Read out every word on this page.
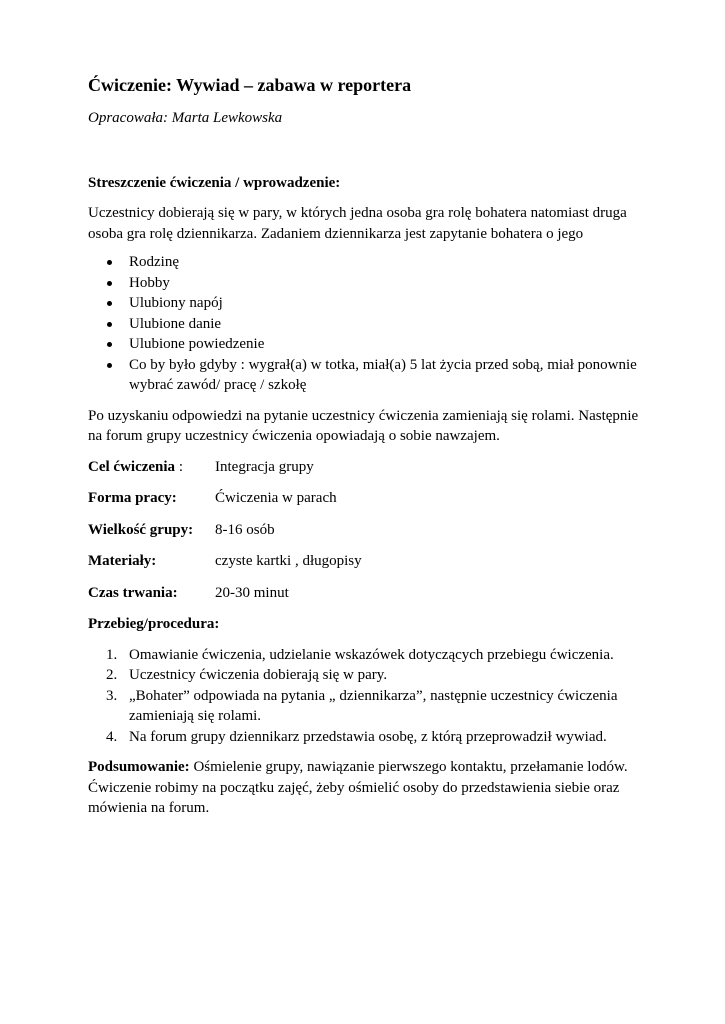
Ćwiczenie: Wywiad – zabawa w reportera
Opracowała: Marta Lewkowska
Streszczenie ćwiczenia / wprowadzenie:
Uczestnicy dobierają się w pary, w których jedna osoba gra rolę bohatera natomiast druga osoba gra rolę dziennikarza. Zadaniem dziennikarza jest zapytanie bohatera o jego
Rodzinę
Hobby
Ulubiony napój
Ulubione danie
Ulubione powiedzenie
Co by było gdyby : wygrał(a) w totka, miał(a) 5 lat życia przed sobą, miał ponownie wybrać zawód/ pracę / szkołę
Po uzyskaniu odpowiedzi na pytanie uczestnicy ćwiczenia zamieniają się rolami. Następnie na forum grupy uczestnicy ćwiczenia opowiadają o sobie nawzajem.
Cel ćwiczenia :	Integracja grupy
Forma pracy:	Ćwiczenia w parach
Wielkość grupy:	8-16 osób
Materiały:	czyste kartki , długopisy
Czas trwania:	20-30 minut
Przebieg/procedura:
1. Omawianie ćwiczenia, udzielanie wskazówek dotyczących przebiegu ćwiczenia.
2. Uczestnicy ćwiczenia dobierają się w pary.
3. „Bohater” odpowiada na pytania „ dziennikarza”, następnie uczestnicy ćwiczenia zamieniają się rolami.
4. Na forum grupy dziennikarz przedstawia osobę, z którą przeprowadził wywiad.
Podsumowanie: Ośmielenie grupy, nawiązanie pierwszego kontaktu, przełamanie lodów. Ćwiczenie robimy na początku zajęć, żeby ośmielić osoby do przedstawienia siebie oraz mówienia na forum.
